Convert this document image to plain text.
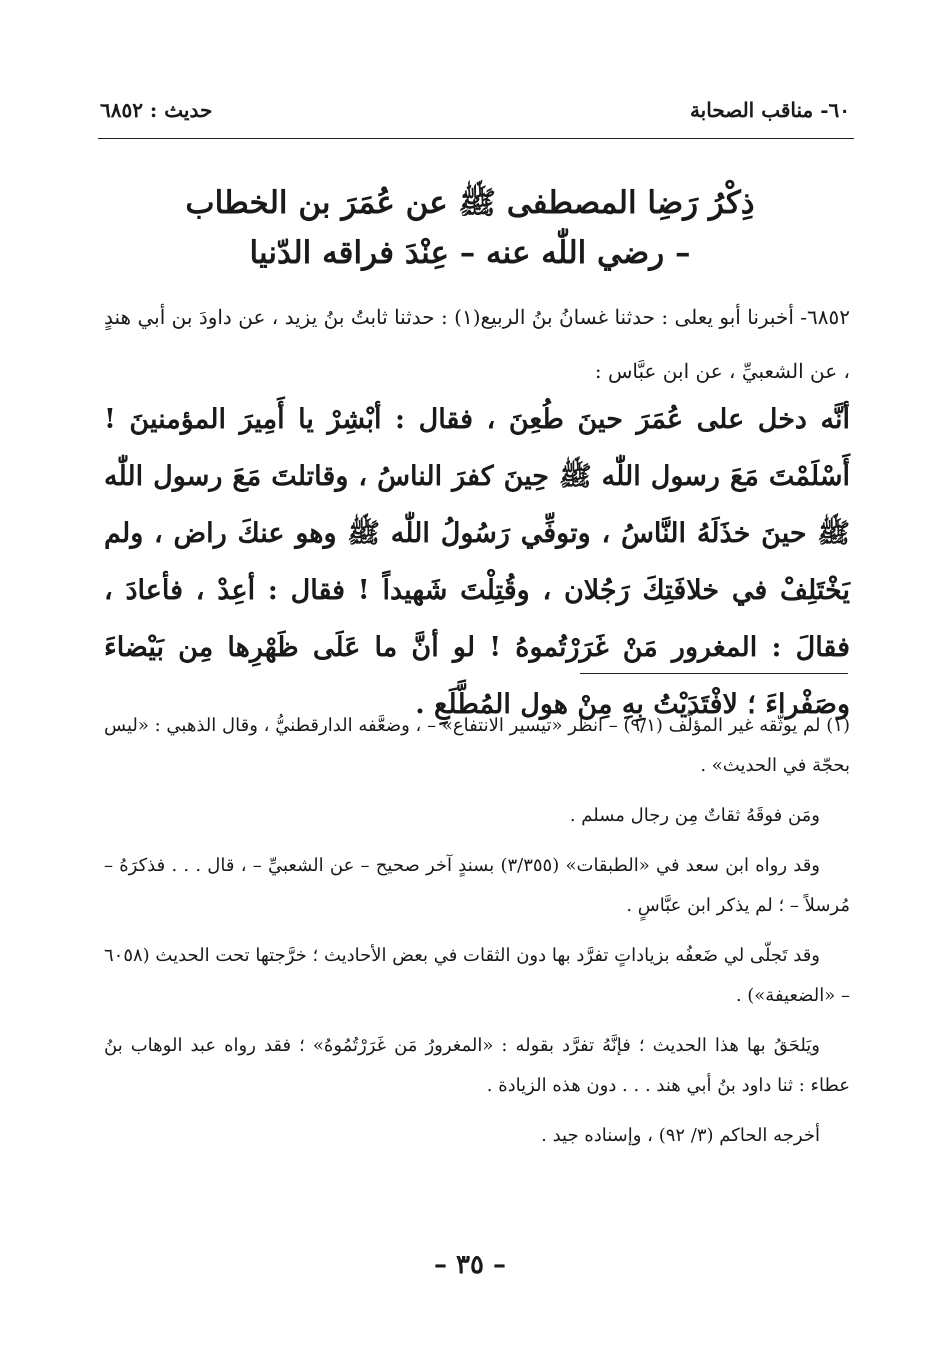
٦٠- مناقب الصحابة
حديث : ٦٨٥٢
ذِكْرُ رَضِا المصطفى ﷺ عن عُمَرَ بن الخطاب
– رضي اللّٰه عنه – عِنْدَ فراقه الدّنيا
٦٨٥٢- أخبرنا أبو يعلى : حدثنا غسانُ بنُ الربيع(١) : حدثنا ثابتُ بنُ يزيد ، عن داودَ بن أبي هندٍ ، عن الشعبيِّ ، عن ابن عبَّاس :
أنَّه دخل على عُمَرَ حينَ طُعِنَ ، فقال : أبْشِرْ يا أَمِيرَ المؤمنينَ ! أَسْلَمْتَ مَعَ رسول اللّٰه ﷺ حِينَ كفرَ الناسُ ، وقاتلتَ مَعَ رسول اللّٰه ﷺ حينَ خذَلَهُ النَّاسُ ، وتوفِّي رَسُولُ اللّٰه ﷺ وهو عنكَ راض ، ولم يَخْتَلِفْ في خلافَتِكَ رَجُلان ، وقُتِلْتَ شَهيداً ! فقال : أعِدْ ، فأعادَ ، فقالَ : المغرور مَنْ غَرَرْتُموهُ ! لو أنَّ ما عَلَى ظَهْرِها مِن بَيْضاءَ وصَفْراءَ ؛ لافْتَدَيْتُ بِهِ مِنْ هول المُطَّلَعِ .

(١) لم يوثّقه غير المؤلّف (٩/١) – انظر «تيسير الانتفاع» – ، وضعَّفه الدارقطنيُّ ، وقال الذهبي : «ليس بحجّة في الحديث» .

ومَن فوقَهُ ثقاتٌ مِن رجال مسلم .

وقد رواه ابن سعد في «الطبقات» (٣/٣٥٥) بسندٍ آخر صحيح – عن الشعبيِّ – ، قال . . . فذكرَهُ – مُرسلاً – ؛ لم يذكر ابن عبَّاسٍ .

وقد تَجلّى لي ضَعفُه بزياداتٍ تفرَّد بها دون الثقات في بعض الأحاديث ؛ خرَّجتها تحت الحديث (٦٠٥٨ – «الضعيفة») .

ويَلحَقُ بها هذا الحديث ؛ فإنَّهُ تفرَّد بقوله : «المغرورُ مَن غَرَرْتُمُوهُ» ؛ فقد رواه عبد الوهاب بنُ عطاء : ثنا داود بنُ أبي هند . . . دون هذه الزيادة .

أخرجه الحاكم (٣/ ٩٢) ، وإسناده جيد .

– ٣٥ –
